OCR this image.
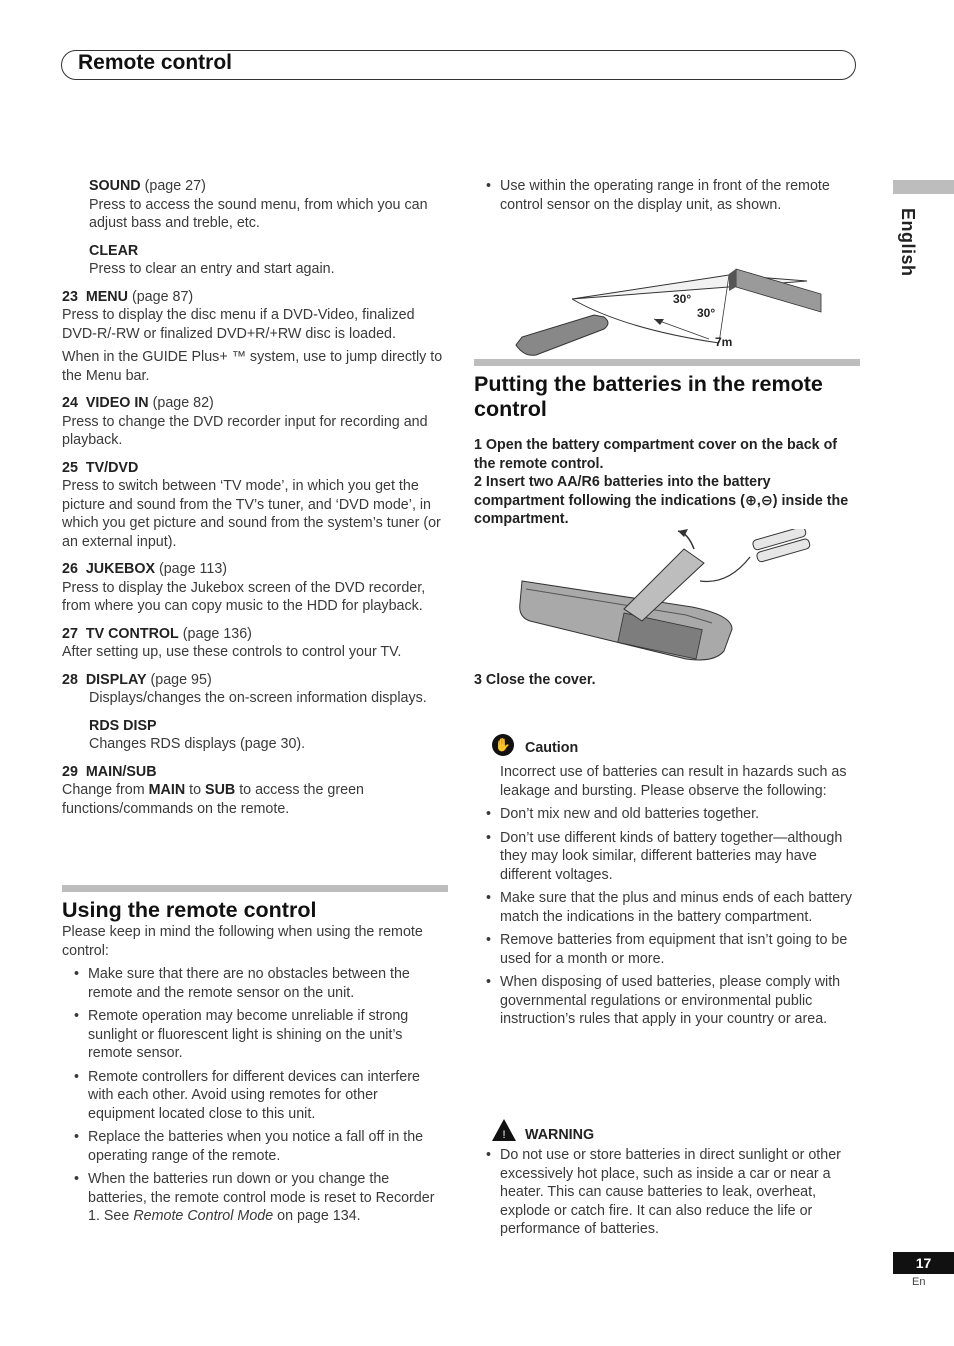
Remote control
English

SOUND (page 27)

Press to access the sound menu, from which you can adjust bass and treble, etc.

CLEAR

Press to clear an entry and start again.

23 MENU (page 87)

Press to display the disc menu if a DVD-Video, finalized DVD-R/-RW or finalized DVD+R/+RW disc is loaded.

When in the GUIDE Plus+ ™ system, use to jump directly to the Menu bar.

24 VIDEO IN (page 82)

Press to change the DVD recorder input for recording and playback.

25 TV/DVD

Press to switch between ‘TV mode’, in which you get the picture and sound from the TV’s tuner, and ‘DVD mode’, in which you get picture and sound from the system’s tuner (or an external input).

26 JUKEBOX (page 113)

Press to display the Jukebox screen of the DVD recorder, from where you can copy music to the HDD for playback.

27 TV CONTROL (page 136)

After setting up, use these controls to control your TV.

28 DISPLAY (page 95)

Displays/changes the on-screen information displays.

RDS DISP

Changes RDS displays (page 30).

29 MAIN/SUB

Change from MAIN to SUB to access the green functions/commands on the remote.

Using the remote control

Please keep in mind the following when using the remote control:

• Make sure that there are no obstacles between the remote and the remote sensor on the unit.
• Remote operation may become unreliable if strong sunlight or fluorescent light is shining on the unit’s remote sensor.
• Remote controllers for different devices can interfere with each other. Avoid using remotes for other equipment located close to this unit.
• Replace the batteries when you notice a fall off in the operating range of the remote.
• When the batteries run down or you change the batteries, the remote control mode is reset to Recorder 1. See Remote Control Mode on page 134.
• Use within the operating range in front of the remote control sensor on the display unit, as shown.
30°
30°
7m
Putting the batteries in the remote control

1 Open the battery compartment cover on the back of the remote control.

2 Insert two AA/R6 batteries into the battery compartment following the indications (⊕,⊖) inside the compartment.

3 Close the cover.

✋ Caution

Incorrect use of batteries can result in hazards such as leakage and bursting. Please observe the following:

• Don’t mix new and old batteries together.
• Don’t use different kinds of battery together—although they may look similar, different batteries may have different voltages.
• Make sure that the plus and minus ends of each battery match the indications in the battery compartment.
• Remove batteries from equipment that isn’t going to be used for a month or more.
• When disposing of used batteries, please comply with governmental regulations or environmental public instruction’s rules that apply in your country or area.
! WARNING
• Do not use or store batteries in direct sunlight or other excessively hot place, such as inside a car or near a heater. This can cause batteries to leak, overheat, explode or catch fire. It can also reduce the life or performance of batteries.
17
En
